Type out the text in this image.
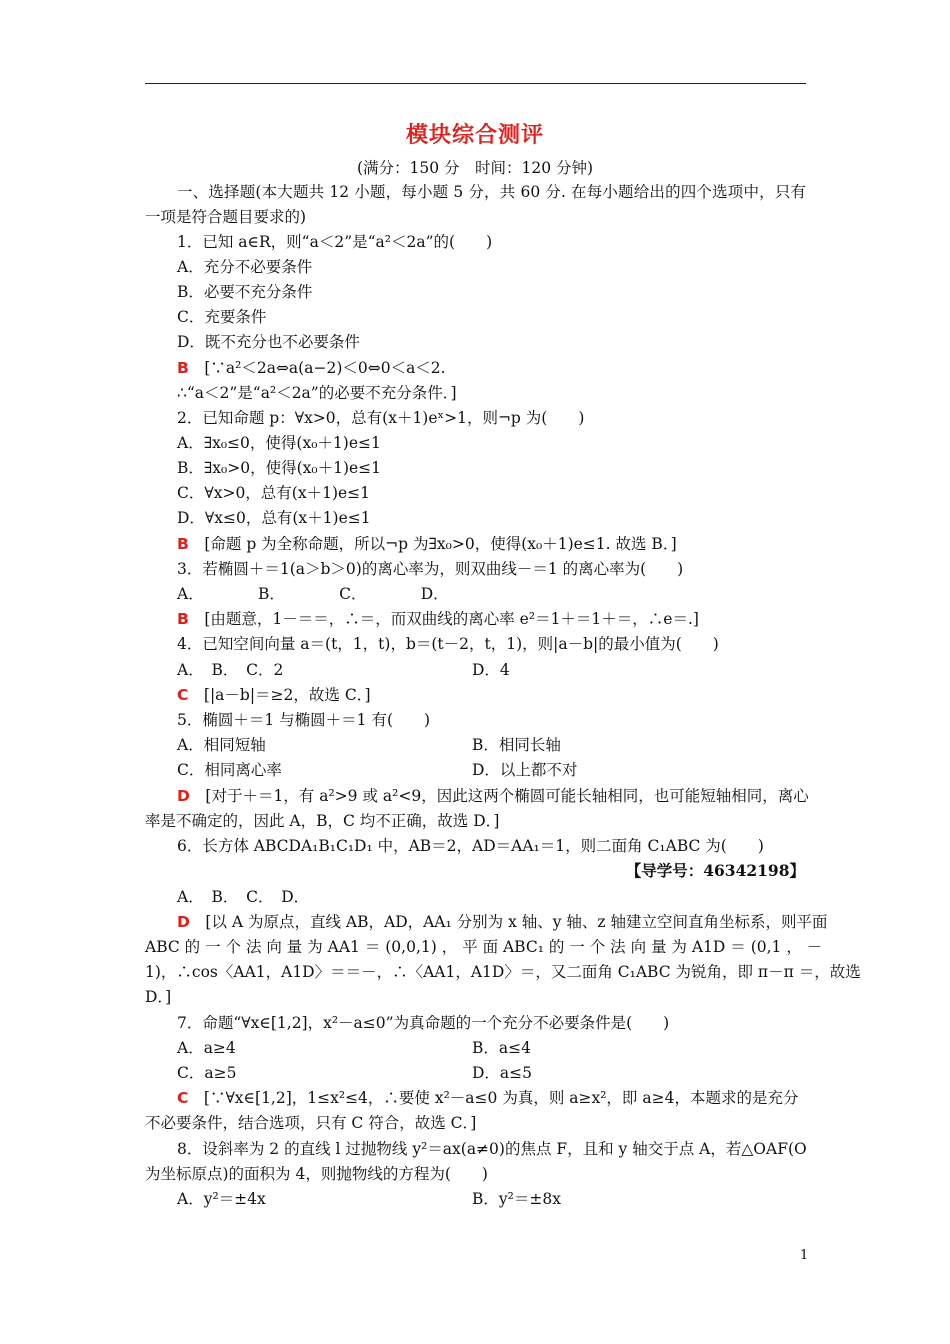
模块综合测评
(满分：150 分　时间：120 分钟)
一、选择题(本大题共 12 小题，每小题 5 分，共 60 分. 在每小题给出的四个选项中，只有
一项是符合题目要求的)
1．已知 a∈R，则“a＜2”是“a²＜2a”的(　　)
A．充分不必要条件
B．必要不充分条件
C．充要条件
D．既不充分也不必要条件
B　 [∵a²＜2a⇔a(a−2)＜0⇔0＜a＜2.
∴“a＜2”是“a²＜2a”的必要不充分条件．]
2．已知命题 p：∀x>0，总有(x＋1)eˣ>1，则¬p 为(　　)
A．∃x₀≤0，使得(x₀＋1)e≤1
B．∃x₀>0，使得(x₀＋1)e≤1
C．∀x>0，总有(x＋1)e≤1
D．∀x≤0，总有(x＋1)e≤1
B　 [命题 p 为全称命题，所以¬p 为∃x₀>0，使得(x₀＋1)e≤1. 故选 B．]
3．若椭圆＋＝1(a＞b＞0)的离心率为，则双曲线－＝1 的离心率为(　　)
A．　　　　B．　　　　C．　　　　D．
B　 [由题意，1－＝＝，∴＝，而双曲线的离心率 e²＝1＋＝1＋＝，∴e＝.]
4．已知空间向量 a＝(t，1，t)，b＝(t－2，t，1)，则|a－b|的最小值为(　　)
A．　B．　C．2	D．4
C　 [|a－b|＝≥2，故选 C．]
5．椭圆＋＝1 与椭圆＋＝1 有(　　)
A．相同短轴	B．相同长轴
C．相同离心率	D．以上都不对
D　 [对于＋＝1，有 a²>9 或 a²<9，因此这两个椭圆可能长轴相同，也可能短轴相同，离心
率是不确定的，因此 A，B，C 均不正确，故选 D．]
6．长方体 ABCDA₁B₁C₁D₁ 中，AB＝2，AD＝AA₁＝1，则二面角 C₁ABC 为(　　)
【导学号：46342198】
A．　B．　C．　D．
D　 [以 A 为原点，直线 AB，AD，AA₁ 分别为 x 轴、y 轴、z 轴建立空间直角坐标系，则平面
ABC 的 一 个 法 向 量 为 AA1 ＝ (0,0,1) ， 平 面 ABC₁ 的 一 个 法 向 量 为 A1D ＝ (0,1 ， －
1)，∴cos〈AA1，A1D〉＝＝－，∴〈AA1，A1D〉＝，又二面角 C₁ABC 为锐角，即 π－π ＝，故选
D．]
7．命题“∀x∈[1,2]，x²－a≤0”为真命题的一个充分不必要条件是(　　)
A．a≥4	B．a≤4
C．a≥5	D．a≤5
C　 [∵∀x∈[1,2]，1≤x²≤4，∴要使 x²－a≤0 为真，则 a≥x²，即 a≥4，本题求的是充分
不必要条件，结合选项，只有 C 符合，故选 C．]
8．设斜率为 2 的直线 l 过抛物线 y²＝ax(a≠0)的焦点 F，且和 y 轴交于点 A，若△OAF(O
为坐标原点)的面积为 4，则抛物线的方程为(　　)
A．y²＝±4x	B．y²＝±8x
1
